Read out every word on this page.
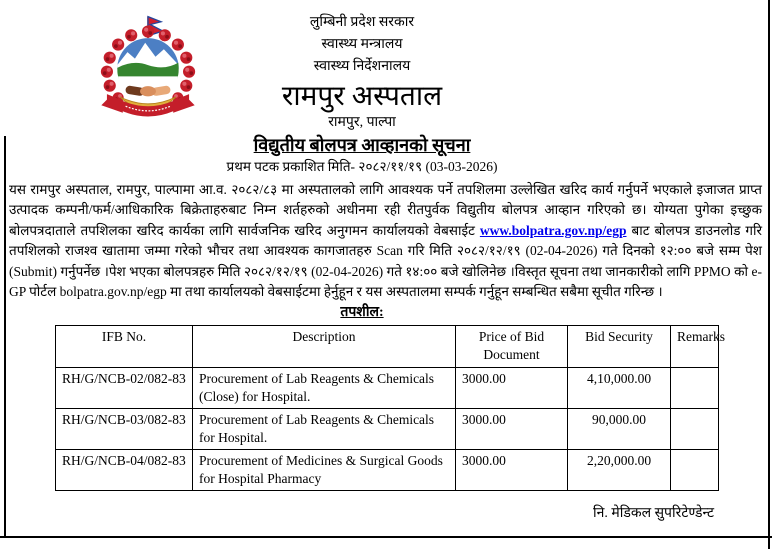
लुम्बिनी प्रदेश सरकार
स्वास्थ्य मन्त्रालय
स्वास्थ्य निर्देशनालय
रामपुर अस्पताल
रामपुर, पाल्पा
विद्युतीय बोलपत्र आव्हानको सूचना
प्रथम पटक प्रकाशित मिति- २०८२/११/१९ (03-03-2026)
यस रामपुर अस्पताल, रामपुर, पाल्पामा आ.व. २०८२/८३ मा अस्पतालको लागि आवश्यक पर्ने तपशिलमा उल्लेखित खरिद कार्य गर्नुपर्ने भएकाले इजाजत प्राप्त उत्पादक कम्पनी/फर्म/आधिकारिक बिक्रेताहरुबाट निम्न शर्तहरुको अधीनमा रही रीतपुर्वक विद्युतीय बोलपत्र आव्हान गरिएको छ। योग्यता पुगेका इच्छुक बोलपत्रदाताले तपशिलका खरिद कार्यका लागि सार्वजनिक खरिद अनुगमन कार्यालयको वेबसाईट www.bolpatra.gov.np/egp बाट बोलपत्र डाउनलोड गरि तपशिलको राजश्व खातामा जम्मा गरेको भौचर तथा आवश्यक कागजातहरु Scan गरि मिति २०८२/१२/१९ (02-04-2026) गते दिनको १२:०० बजे सम्म पेश (Submit) गर्नुपर्नेछ ।पेश भएका बोलपत्रहरु मिति २०८२/१२/१९ (02-04-2026) गते १४:०० बजे खोलिनेछ ।विस्तृत सूचना तथा जानकारीको लागि PPMO को e-GP पोर्टल bolpatra.gov.np/egp मा तथा कार्यालयको वेबसाईटमा हेर्नुहून र यस अस्पतालमा सम्पर्क गर्नुहून सम्बन्धित सबैमा सूचीत गरिन्छ ।
तपशील:
IFB No.	Description	Price of Bid Document	Bid Security	Remarks
RH/G/NCB-02/082-83	Procurement of Lab Reagents & Chemicals (Close) for Hospital.	3000.00	4,10,000.00	
RH/G/NCB-03/082-83	Procurement of Lab Reagents & Chemicals for Hospital.	3000.00	90,000.00	
RH/G/NCB-04/082-83	Procurement of Medicines & Surgical Goods for Hospital Pharmacy	3000.00	2,20,000.00	
नि. मेडिकल सुपरिटेण्डेन्ट
